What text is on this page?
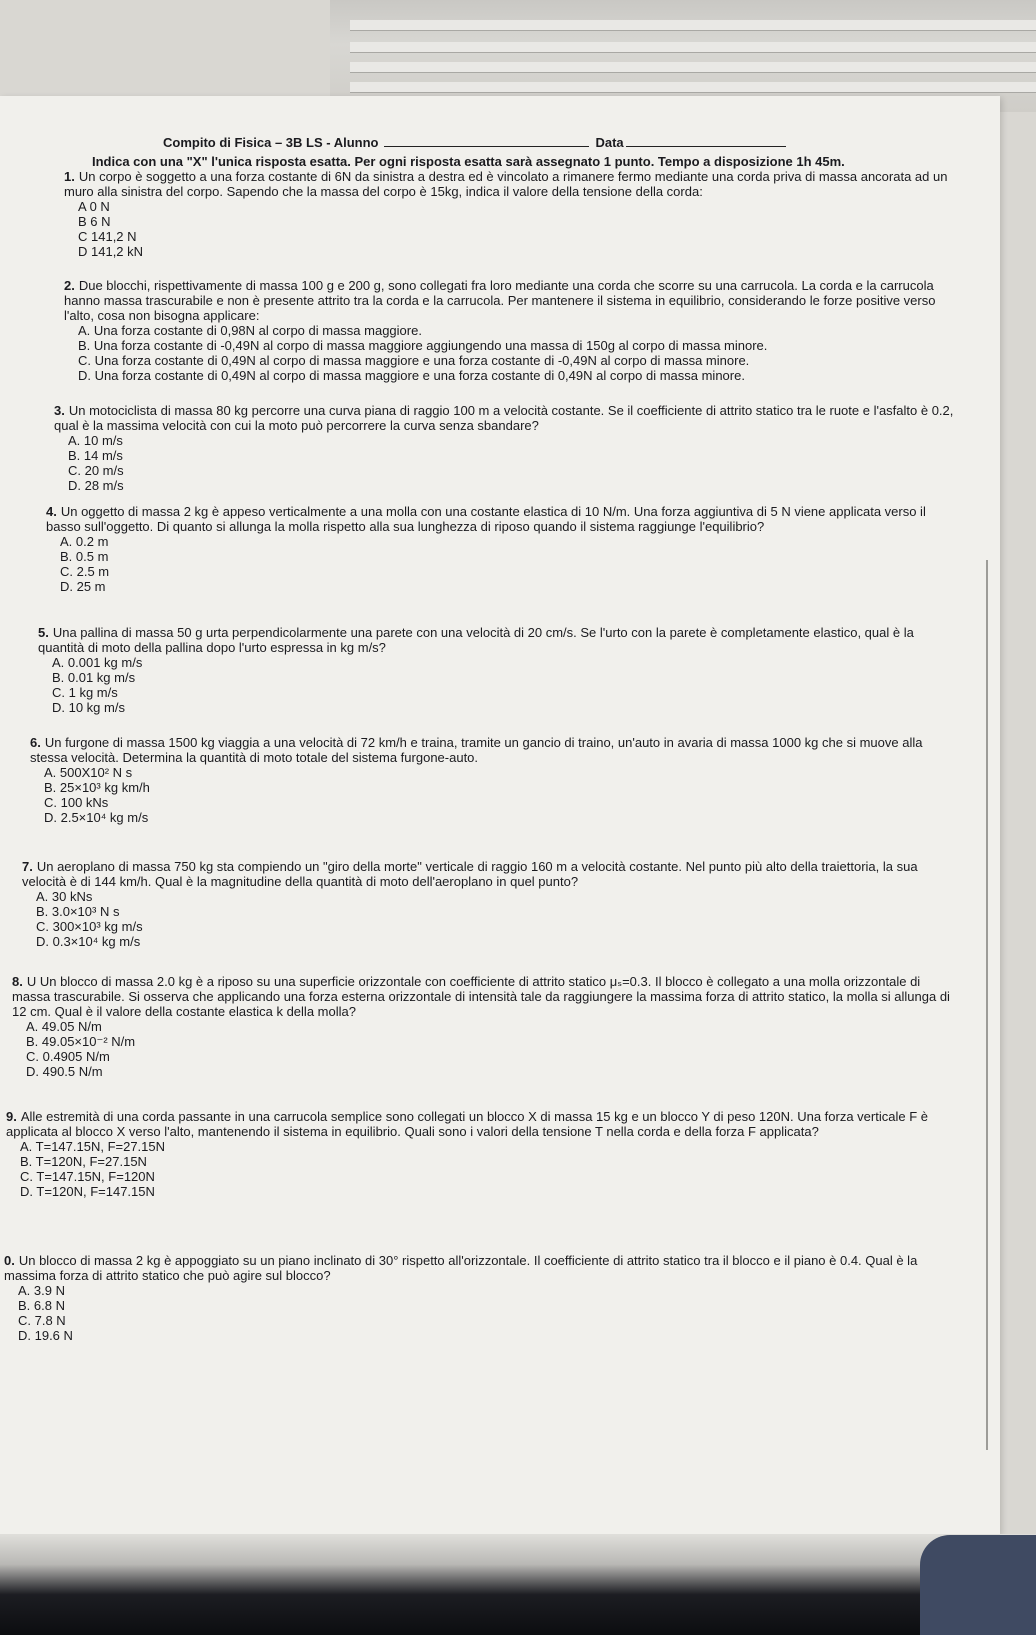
Compito di Fisica – 3B LS - Alunno	Data
Indica con una "X" l'unica risposta esatta. Per ogni risposta esatta sarà assegnato 1 punto. Tempo a disposizione 1h 45m.
1. Un corpo è soggetto a una forza costante di 6N da sinistra a destra ed è vincolato a rimanere fermo mediante una corda priva di massa ancorata ad un muro alla sinistra del corpo. Sapendo che la massa del corpo è 15kg, indica il valore della tensione della corda:
A 0 N
B 6 N
C 141,2 N
D 141,2 kN
2. Due blocchi, rispettivamente di massa 100 g e 200 g, sono collegati fra loro mediante una corda che scorre su una carrucola. La corda e la carrucola hanno massa trascurabile e non è presente attrito tra la corda e la carrucola. Per mantenere il sistema in equilibrio, considerando le forze positive verso l'alto, cosa non bisogna applicare:
A. Una forza costante di 0,98N al corpo di massa maggiore.
B. Una forza costante di -0,49N al corpo di massa maggiore aggiungendo una massa di 150g al corpo di massa minore.
C. Una forza costante di 0,49N al corpo di massa maggiore e una forza costante di -0,49N al corpo di massa minore.
D. Una forza costante di 0,49N al corpo di massa maggiore e una forza costante di 0,49N al corpo di massa minore.
3. Un motociclista di massa 80 kg percorre una curva piana di raggio 100 m a velocità costante. Se il coefficiente di attrito statico tra le ruote e l'asfalto è 0.2, qual è la massima velocità con cui la moto può percorrere la curva senza sbandare?
A. 10 m/s
B. 14 m/s
C. 20 m/s
D. 28 m/s
4. Un oggetto di massa 2 kg è appeso verticalmente a una molla con una costante elastica di 10 N/m. Una forza aggiuntiva di 5 N viene applicata verso il basso sull'oggetto. Di quanto si allunga la molla rispetto alla sua lunghezza di riposo quando il sistema raggiunge l'equilibrio?
A. 0.2 m
B. 0.5 m
C. 2.5 m
D. 25 m
5. Una pallina di massa 50 g urta perpendicolarmente una parete con una velocità di 20 cm/s. Se l'urto con la parete è completamente elastico, qual è la quantità di moto della pallina dopo l'urto espressa in kg m/s?
A. 0.001 kg m/s
B. 0.01 kg m/s
C. 1 kg m/s
D. 10 kg m/s
6. Un furgone di massa 1500 kg viaggia a una velocità di 72 km/h e traina, tramite un gancio di traino, un'auto in avaria di massa 1000 kg che si muove alla stessa velocità. Determina la quantità di moto totale del sistema furgone-auto.
A. 500X10² N s
B. 25×10³ kg km/h
C. 100 kNs
D. 2.5×10⁴ kg m/s
7. Un aeroplano di massa 750 kg sta compiendo un "giro della morte" verticale di raggio 160 m a velocità costante. Nel punto più alto della traiettoria, la sua velocità è di 144 km/h. Qual è la magnitudine della quantità di moto dell'aeroplano in quel punto?
A. 30 kNs
B. 3.0×10³ N s
C. 300×10³ kg m/s
D. 0.3×10⁴ kg m/s
8. U Un blocco di massa 2.0 kg è a riposo su una superficie orizzontale con coefficiente di attrito statico μₛ=0.3. Il blocco è collegato a una molla orizzontale di massa trascurabile. Si osserva che applicando una forza esterna orizzontale di intensità tale da raggiungere la massima forza di attrito statico, la molla si allunga di 12 cm. Qual è il valore della costante elastica k della molla?
A. 49.05 N/m
B. 49.05×10⁻² N/m
C. 0.4905 N/m
D. 490.5 N/m
9. Alle estremità di una corda passante in una carrucola semplice sono collegati un blocco X di massa 15 kg e un blocco Y di peso 120N. Una forza verticale F è applicata al blocco X verso l'alto, mantenendo il sistema in equilibrio. Quali sono i valori della tensione T nella corda e della forza F applicata?
A. T=147.15N, F=27.15N
B. T=120N, F=27.15N
C. T=147.15N, F=120N
D. T=120N, F=147.15N
0. Un blocco di massa 2 kg è appoggiato su un piano inclinato di 30° rispetto all'orizzontale. Il coefficiente di attrito statico tra il blocco e il piano è 0.4. Qual è la massima forza di attrito statico che può agire sul blocco?
A. 3.9 N
B. 6.8 N
C. 7.8 N
D. 19.6 N
